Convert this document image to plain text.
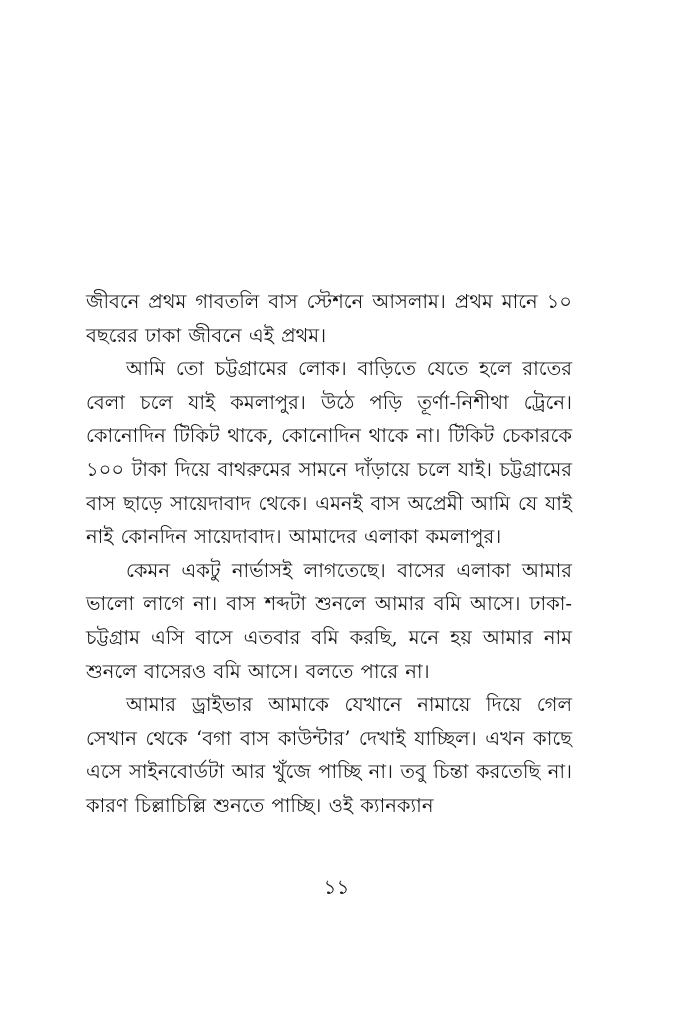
জীবনে প্রথম গাবতলি বাস স্টেশনে আসলাম। প্রথম মানে ১০ বছরের ঢাকা জীবনে এই প্রথম।

আমি তো চট্টগ্রামের লোক। বাড়িতে যেতে হলে রাতের বেলা চলে যাই কমলাপুর। উঠে পড়ি তূর্ণা-নিশীথা ট্রেনে। কোনোদিন টিকিট থাকে, কোনোদিন থাকে না। টিকিট চেকারকে ১০০ টাকা দিয়ে বাথরুমের সামনে দাঁড়ায়ে চলে যাই। চট্টগ্রামের বাস ছাড়ে সায়েদাবাদ থেকে। এমনই বাস অপ্রেমী আমি যে যাই নাই কোনদিন সায়েদাবাদ। আমাদের এলাকা কমলাপুর।

কেমন একটু নার্ভাসই লাগতেছে। বাসের এলাকা আমার ভালো লাগে না। বাস শব্দটা শুনলে আমার বমি আসে। ঢাকা-চট্টগ্রাম এসি বাসে এতবার বমি করছি, মনে হয় আমার নাম শুনলে বাসেরও বমি আসে। বলতে পারে না।

আমার ড্রাইভার আমাকে যেখানে নামায়ে দিয়ে গেল সেখান থেকে ‘বগা বাস কাউন্টার’ দেখাই যাচ্ছিল। এখন কাছে এসে সাইনবোর্ডটা আর খুঁজে পাচ্ছি না। তবু চিন্তা করতেছি না। কারণ চিল্লাচিল্লি শুনতে পাচ্ছি। ওই ক্যানক্যান

১১
